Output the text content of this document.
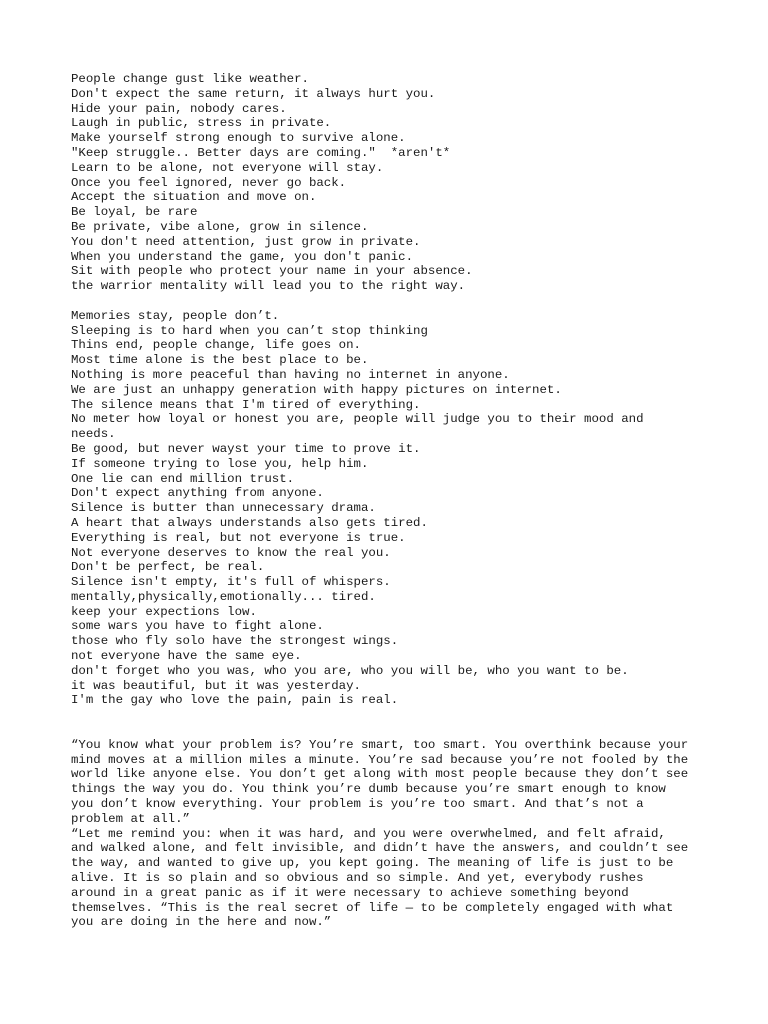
People change gust like weather.

Don't expect the same return, it always hurt you.

Hide your pain, nobody cares.

Laugh in public, stress in private.

Make yourself strong enough to survive alone.

"Keep struggle.. Better days are coming."  *aren't*

Learn to be alone, not everyone will stay.

Once you feel ignored, never go back.

Accept the situation and move on.

Be loyal, be rare

Be private, vibe alone, grow in silence.

You don't need attention, just grow in private.

When you understand the game, you don't panic.

Sit with people who protect your name in your absence.

the warrior mentality will lead you to the right way.

Memories stay, people don’t.

Sleeping is to hard when you can’t stop thinking

Thins end, people change, life goes on.

Most time alone is the best place to be.

Nothing is more peaceful than having no internet in anyone.

We are just an unhappy generation with happy pictures on internet.

The silence means that I'm tired of everything.

No meter how loyal or honest you are, people will judge you to their mood and
needs.

Be good, but never wayst your time to prove it.

If someone trying to lose you, help him.

One lie can end million trust.

Don't expect anything from anyone.

Silence is butter than unnecessary drama.

A heart that always understands also gets tired.

Everything is real, but not everyone is true.

Not everyone deserves to know the real you.

Don't be perfect, be real.

Silence isn't empty, it's full of whispers.

mentally,physically,emotionally... tired.

keep your expections low.

some wars you have to fight alone.

those who fly solo have the strongest wings.

not everyone have the same eye.

don't forget who you was, who you are, who you will be, who you want to be.

it was beautiful, but it was yesterday.

I'm the gay who love the pain, pain is real.

“You know what your problem is? You’re smart, too smart. You overthink because your
mind moves at a million miles a minute. You’re sad because you’re not fooled by the
world like anyone else. You don’t get along with most people because they don’t see
things the way you do. You think you’re dumb because you’re smart enough to know
you don’t know everything. Your problem is you’re too smart. And that’s not a
problem at all.”

“Let me remind you: when it was hard, and you were overwhelmed, and felt afraid,
and walked alone, and felt invisible, and didn’t have the answers, and couldn’t see
the way, and wanted to give up, you kept going. The meaning of life is just to be
alive. It is so plain and so obvious and so simple. And yet, everybody rushes
around in a great panic as if it were necessary to achieve something beyond
themselves. “This is the real secret of life — to be completely engaged with what
you are doing in the here and now.”
